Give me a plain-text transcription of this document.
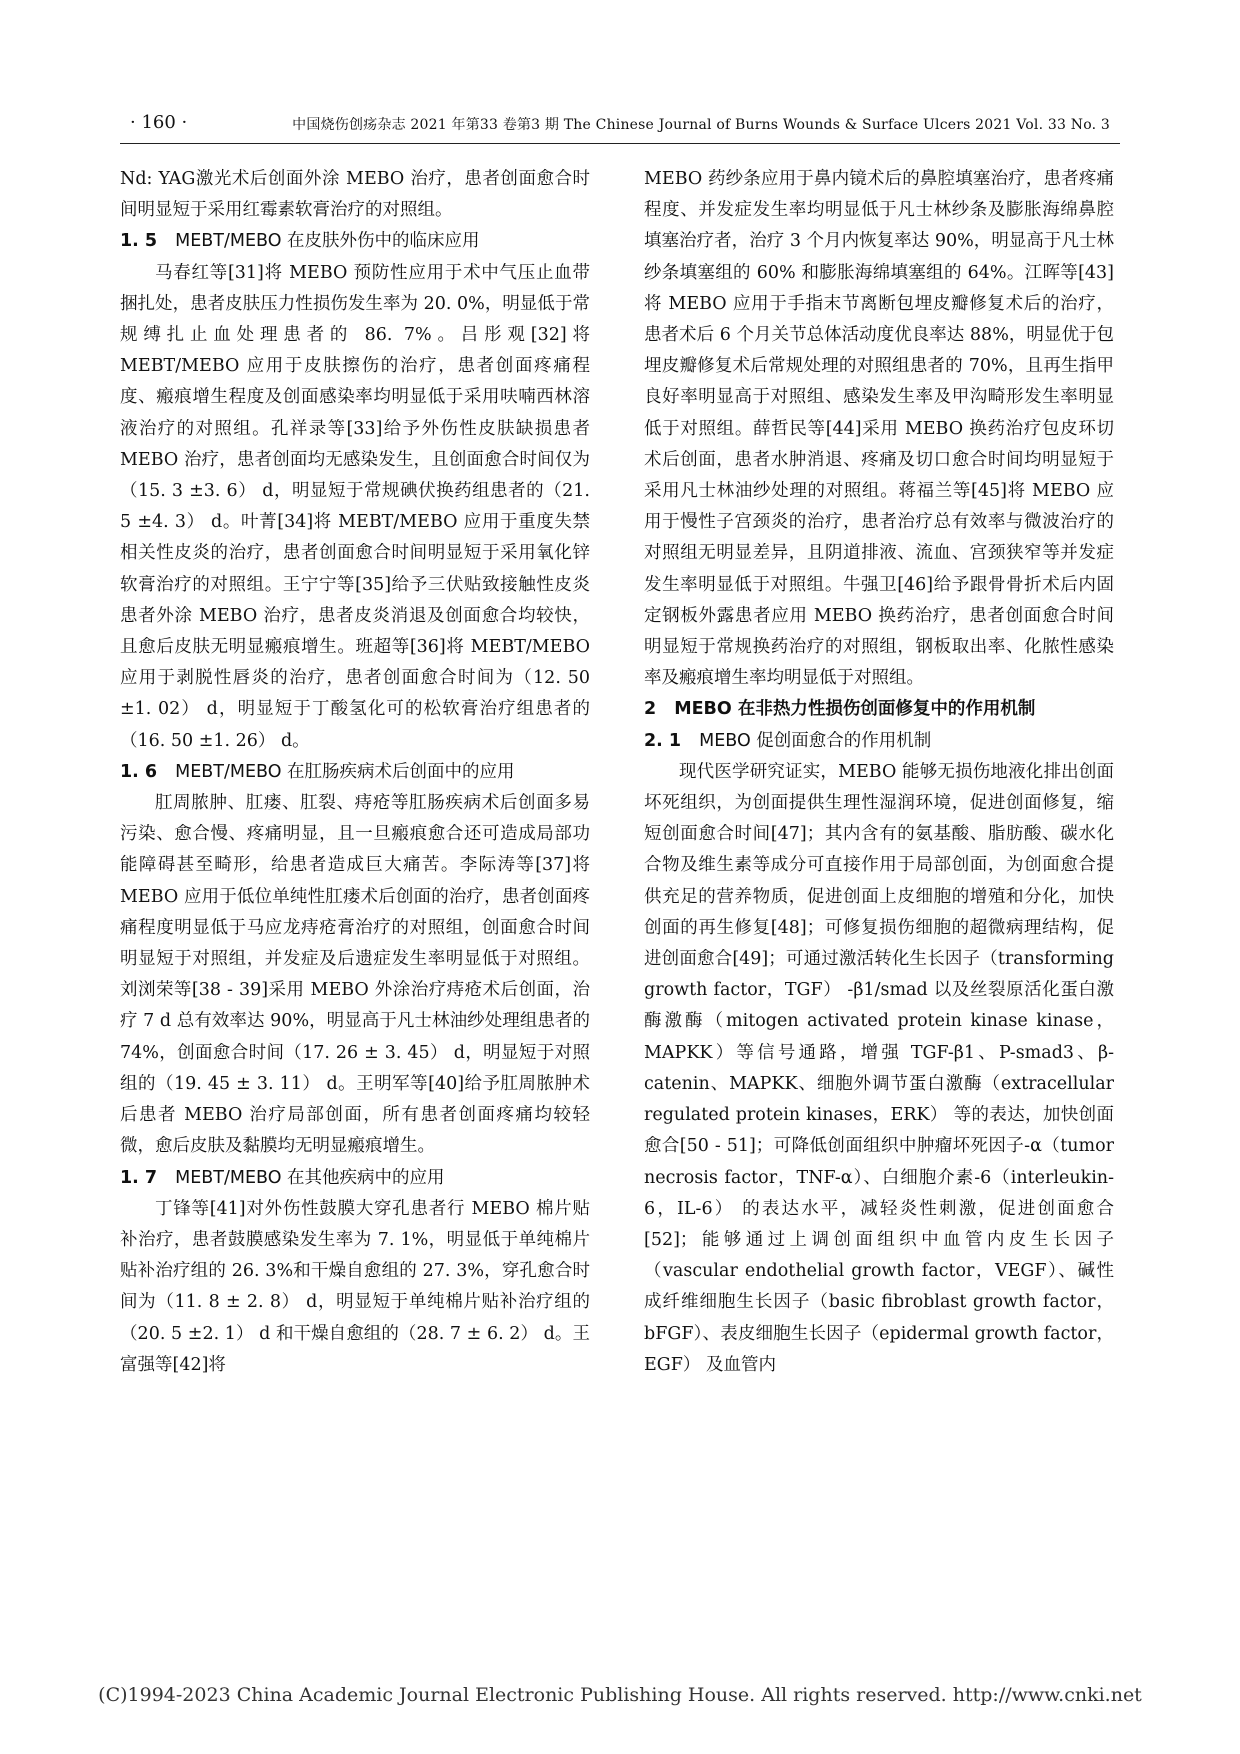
· 160 ·	中国烧伤创疡杂志 2021 年第33 卷第3 期 The Chinese Journal of Burns Wounds & Surface Ulcers 2021 Vol. 33 No. 3

Nd: YAG激光术后创面外涂 MEBO 治疗，患者创面愈合时间明显短于采用红霉素软膏治疗的对照组。

1. 5 MEBT/MEBO 在皮肤外伤中的临床应用

马春红等[31]将 MEBO 预防性应用于术中气压止血带捆扎处，患者皮肤压力性损伤发生率为 20. 0%，明显低于常规缚扎止血处理患者的 86. 7%。吕彤观[32]将 MEBT/MEBO 应用于皮肤擦伤的治疗，患者创面疼痛程度、瘢痕增生程度及创面感染率均明显低于采用呋喃西林溶液治疗的对照组。孔祥录等[33]给予外伤性皮肤缺损患者 MEBO 治疗，患者创面均无感染发生，且创面愈合时间仅为（15. 3 ±3. 6） d，明显短于常规碘伏换药组患者的（21. 5 ±4. 3） d。叶菁[34]将 MEBT/MEBO 应用于重度失禁相关性皮炎的治疗，患者创面愈合时间明显短于采用氧化锌软膏治疗的对照组。王宁宁等[35]给予三伏贴致接触性皮炎患者外涂 MEBO 治疗，患者皮炎消退及创面愈合均较快，且愈后皮肤无明显瘢痕增生。班超等[36]将 MEBT/MEBO 应用于剥脱性唇炎的治疗，患者创面愈合时间为（12. 50 ±1. 02） d，明显短于丁酸氢化可的松软膏治疗组患者的（16. 50 ±1. 26） d。

1. 6 MEBT/MEBO 在肛肠疾病术后创面中的应用

肛周脓肿、肛瘘、肛裂、痔疮等肛肠疾病术后创面多易污染、愈合慢、疼痛明显，且一旦瘢痕愈合还可造成局部功能障碍甚至畸形，给患者造成巨大痛苦。李际涛等[37]将 MEBO 应用于低位单纯性肛瘘术后创面的治疗，患者创面疼痛程度明显低于马应龙痔疮膏治疗的对照组，创面愈合时间明显短于对照组，并发症及后遗症发生率明显低于对照组。刘浏荣等[38 - 39]采用 MEBO 外涂治疗痔疮术后创面，治疗 7 d 总有效率达 90%，明显高于凡士林油纱处理组患者的 74%，创面愈合时间（17. 26 ± 3. 45） d，明显短于对照组的（19. 45 ± 3. 11） d。王明军等[40]给予肛周脓肿术后患者 MEBO 治疗局部创面，所有患者创面疼痛均较轻微，愈后皮肤及黏膜均无明显瘢痕增生。

1. 7 MEBT/MEBO 在其他疾病中的应用

丁锋等[41]对外伤性鼓膜大穿孔患者行 MEBO 棉片贴补治疗，患者鼓膜感染发生率为 7. 1%，明显低于单纯棉片贴补治疗组的 26. 3%和干燥自愈组的 27. 3%，穿孔愈合时间为（11. 8 ± 2. 8） d，明显短于单纯棉片贴补治疗组的（20. 5 ±2. 1） d 和干燥自愈组的（28. 7 ± 6. 2） d。王富强等[42]将

MEBO 药纱条应用于鼻内镜术后的鼻腔填塞治疗，患者疼痛程度、并发症发生率均明显低于凡士林纱条及膨胀海绵鼻腔填塞治疗者，治疗 3 个月内恢复率达 90%，明显高于凡士林纱条填塞组的 60% 和膨胀海绵填塞组的 64%。江晖等[43]将 MEBO 应用于手指末节离断包埋皮瓣修复术后的治疗，患者术后 6 个月关节总体活动度优良率达 88%，明显优于包埋皮瓣修复术后常规处理的对照组患者的 70%，且再生指甲良好率明显高于对照组、感染发生率及甲沟畸形发生率明显低于对照组。薛哲民等[44]采用 MEBO 换药治疗包皮环切术后创面，患者水肿消退、疼痛及切口愈合时间均明显短于采用凡士林油纱处理的对照组。蒋福兰等[45]将 MEBO 应用于慢性子宫颈炎的治疗，患者治疗总有效率与微波治疗的对照组无明显差异，且阴道排液、流血、宫颈狭窄等并发症发生率明显低于对照组。牛强卫[46]给予跟骨骨折术后内固定钢板外露患者应用 MEBO 换药治疗，患者创面愈合时间明显短于常规换药治疗的对照组，钢板取出率、化脓性感染率及瘢痕增生率均明显低于对照组。

2 MEBO 在非热力性损伤创面修复中的作用机制

2. 1 MEBO 促创面愈合的作用机制

现代医学研究证实，MEBO 能够无损伤地液化排出创面坏死组织，为创面提供生理性湿润环境，促进创面修复，缩短创面愈合时间[47]；其内含有的氨基酸、脂肪酸、碳水化合物及维生素等成分可直接作用于局部创面，为创面愈合提供充足的营养物质，促进创面上皮细胞的增殖和分化，加快创面的再生修复[48]；可修复损伤细胞的超微病理结构，促进创面愈合[49]；可通过激活转化生长因子（transforming growth factor，TGF） -β1/smad 以及丝裂原活化蛋白激酶激酶（mitogen activated protein kinase kinase，MAPKK）等信号通路，增强 TGF-β1、P-smad3、β-catenin、MAPKK、细胞外调节蛋白激酶（extracellular regulated protein kinases，ERK） 等的表达，加快创面愈合[50 - 51]；可降低创面组织中肿瘤坏死因子-α（tumor necrosis factor，TNF-α）、白细胞介素-6（interleukin-6，IL-6） 的表达水平，减轻炎性刺激，促进创面愈合[52]；能够通过上调创面组织中血管内皮生长因子（vascular endothelial growth factor，VEGF）、碱性成纤维细胞生长因子（basic fibroblast growth factor，bFGF）、表皮细胞生长因子（epidermal growth factor，EGF） 及血管内

(C)1994-2023 China Academic Journal Electronic Publishing House. All rights reserved. http://www.cnki.net
